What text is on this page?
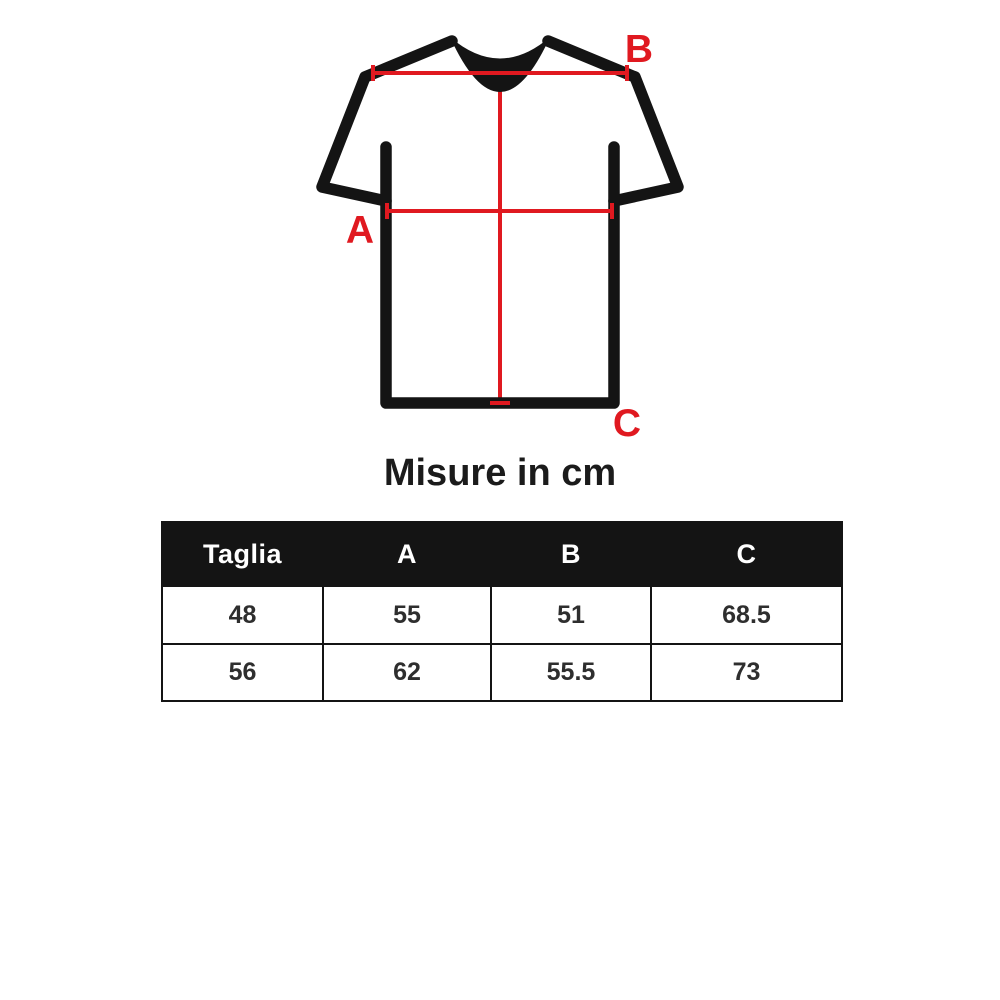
A
B
C
Misure in cm
Taglia	A	B	C
48	55	51	68.5
56	62	55.5	73
